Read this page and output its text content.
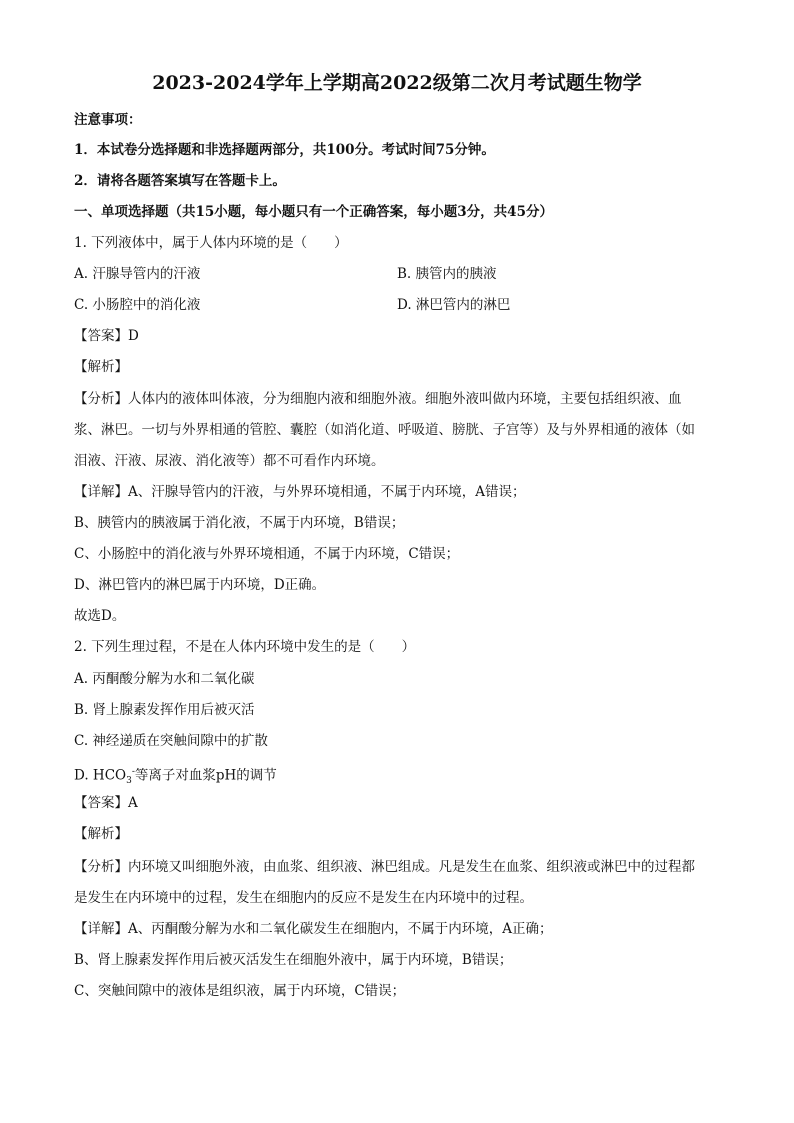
2023-2024学年上学期高2022级第二次月考试题生物学
注意事项：
1．本试卷分选择题和非选择题两部分，共100分。考试时间75分钟。
2．请将各题答案填写在答题卡上。
一、单项选择题（共15小题，每小题只有一个正确答案，每小题3分，共45分）
1. 下列液体中，属于人体内环境的是（　　）
A. 汗腺导管内的汗液	B. 胰管内的胰液
C. 小肠腔中的消化液	D. 淋巴管内的淋巴
【答案】D
【解析】
【分析】人体内的液体叫体液，分为细胞内液和细胞外液。细胞外液叫做内环境，主要包括组织液、血
浆、淋巴。一切与外界相通的管腔、囊腔（如消化道、呼吸道、膀胱、子宫等）及与外界相通的液体（如
泪液、汗液、尿液、消化液等）都不可看作内环境。
【详解】A、汗腺导管内的汗液，与外界环境相通，不属于内环境，A错误；
B、胰管内的胰液属于消化液，不属于内环境，B错误；
C、小肠腔中的消化液与外界环境相通，不属于内环境，C错误；
D、淋巴管内的淋巴属于内环境，D正确。
故选D。
2. 下列生理过程，不是在人体内环境中发生的是（　　）
A. 丙酮酸分解为水和二氧化碳
B. 肾上腺素发挥作用后被灭活
C. 神经递质在突触间隙中的扩散
D. $HCO_3^-$等离子对血浆pH的调节
【答案】A
【解析】
【分析】内环境又叫细胞外液，由血浆、组织液、淋巴组成。凡是发生在血浆、组织液或淋巴中的过程都
是发生在内环境中的过程，发生在细胞内的反应不是发生在内环境中的过程。
【详解】A、丙酮酸分解为水和二氧化碳发生在细胞内，不属于内环境，A正确；
B、肾上腺素发挥作用后被灭活发生在细胞外液中，属于内环境，B错误；
C、突触间隙中的液体是组织液，属于内环境，C错误；
